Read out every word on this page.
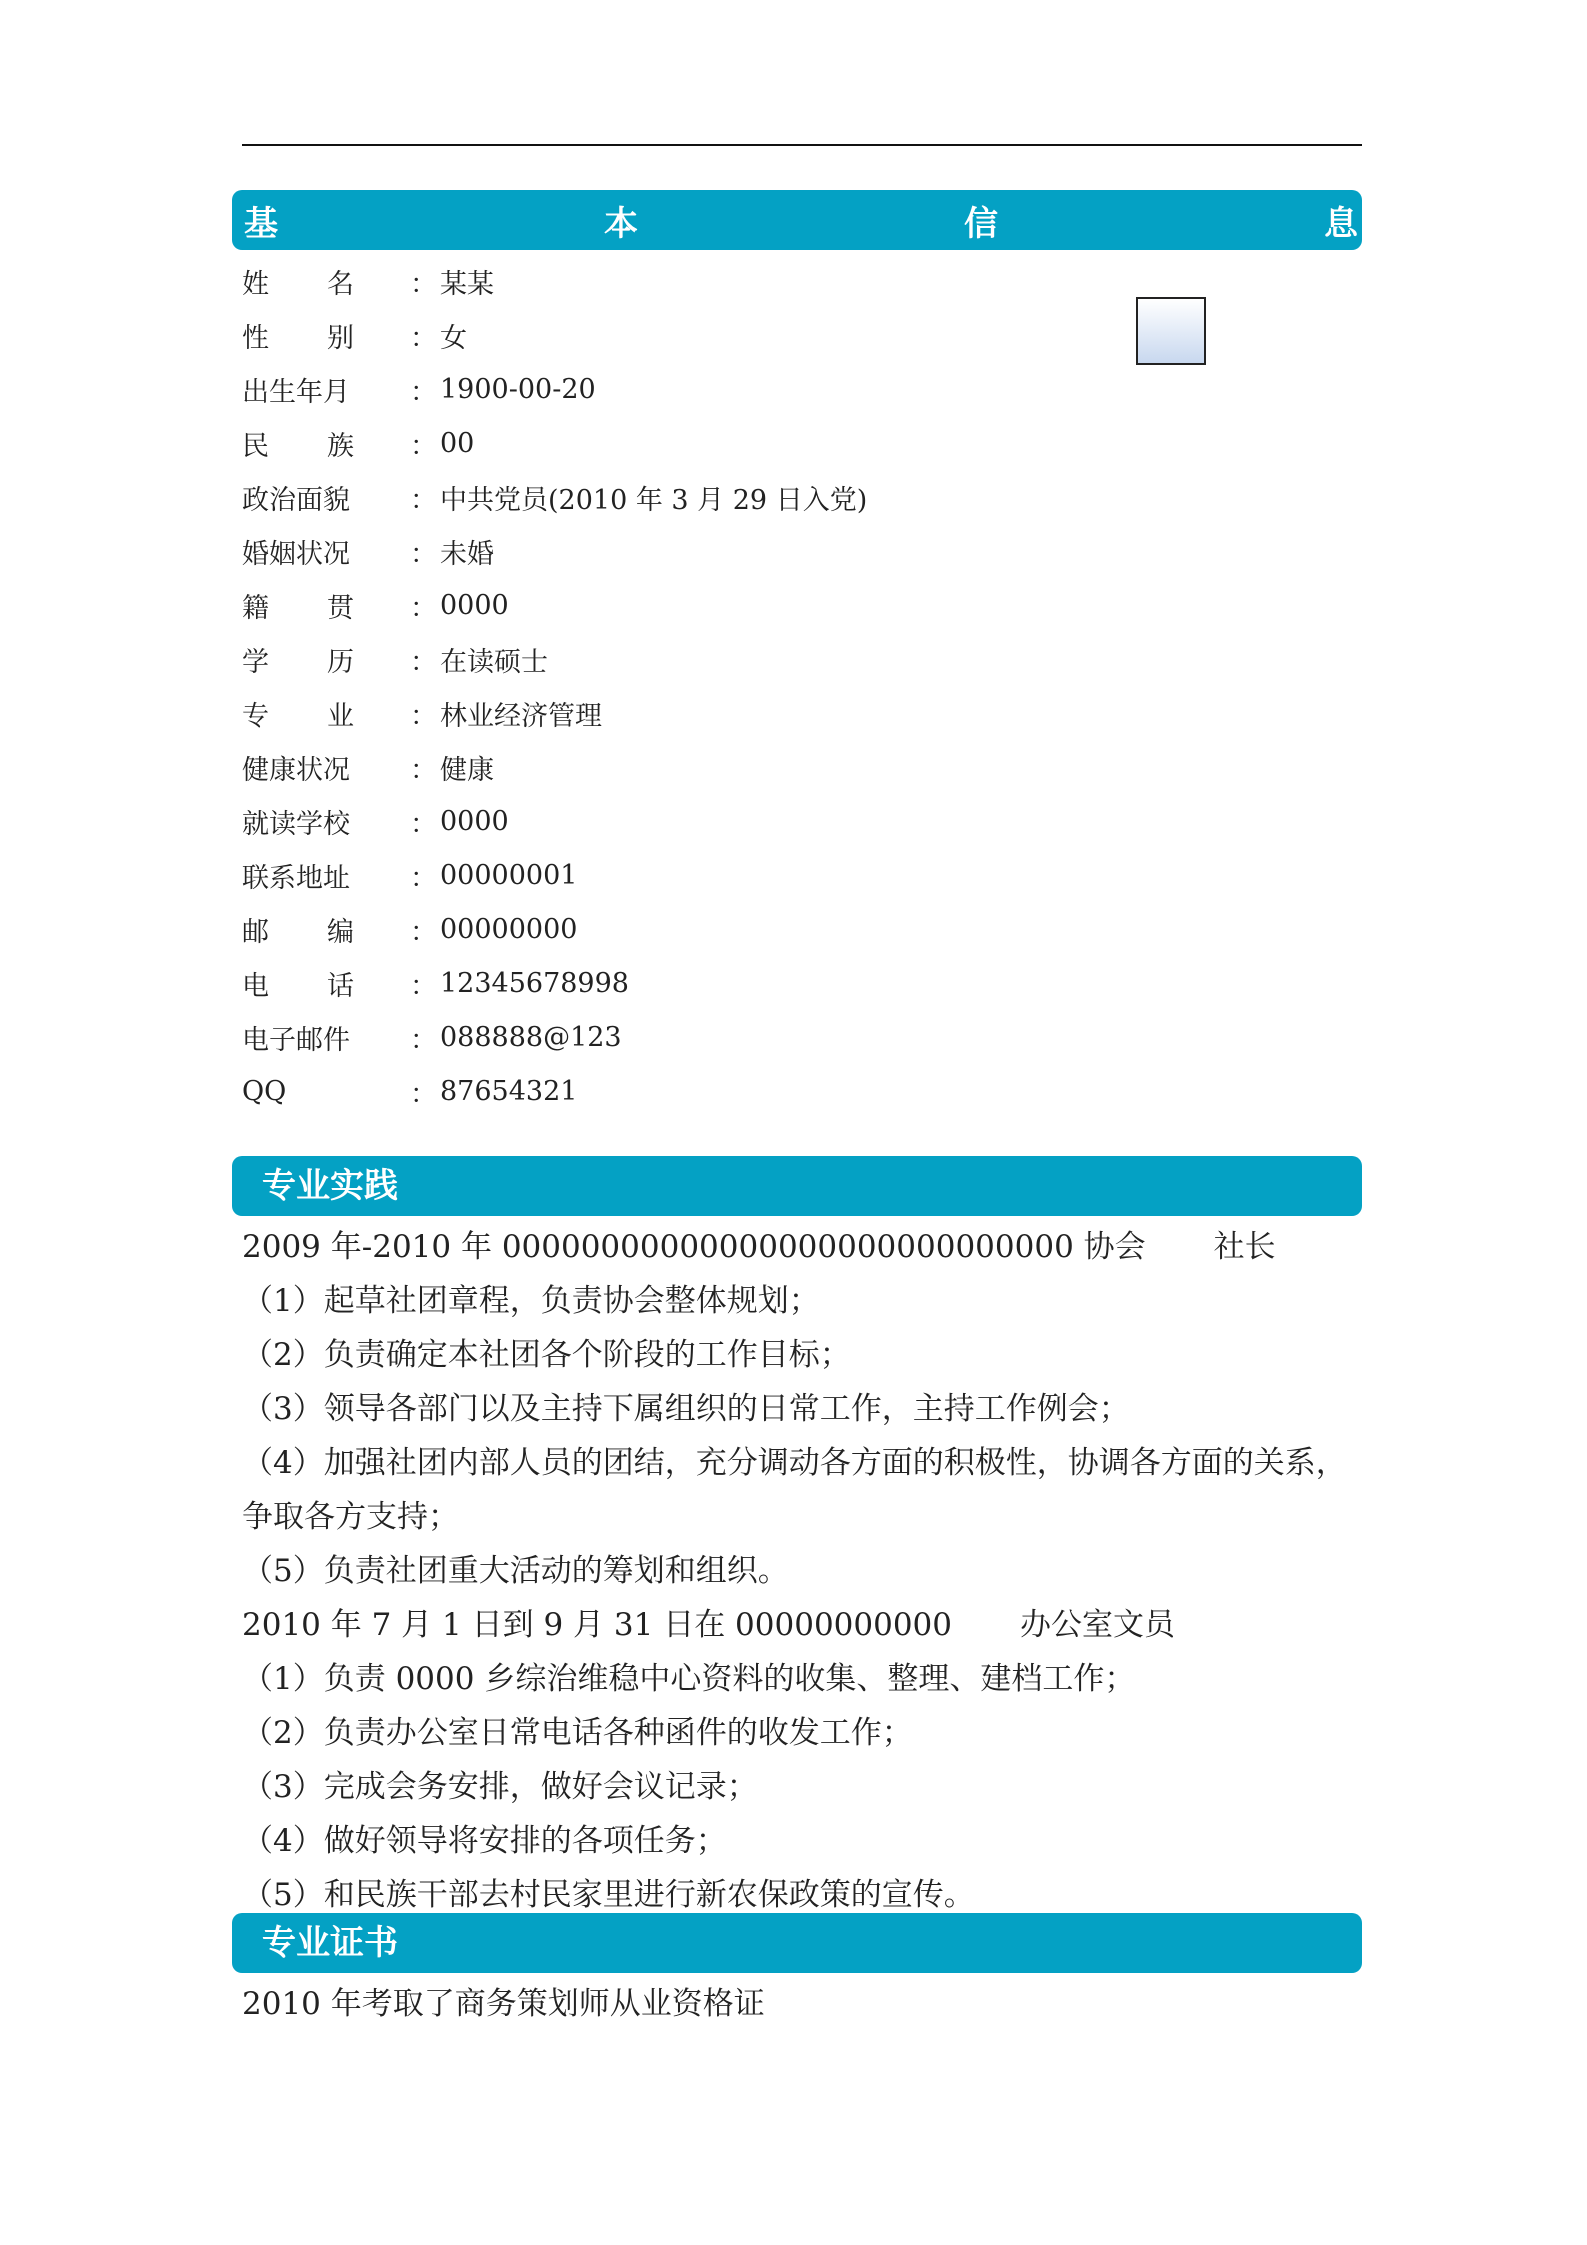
基	本	信	息
姓 名 ： 某某
性 别 ： 女
出生年月 ： 1900-00-20
民 族 ： 00
政治面貌 ： 中共党员(2010 年 3 月 29 日入党)
婚姻状况 ： 未婚
籍 贯 ： 0000
学 历 ： 在读硕士
专 业 ： 林业经济管理
健康状况 ： 健康
就读学校 ： 0000
联系地址 ： 00000001
邮 编 ： 00000000
电 话 ： 12345678998
电子邮件 ： 088888@123
QQ	： 87654321
专业实践
2009 年-2010 年 00000000000000000000000000000 协会 社长
（1）起草社团章程，负责协会整体规划；
（2）负责确定本社团各个阶段的工作目标；
（3）领导各部门以及主持下属组织的日常工作，主持工作例会；
（4）加强社团内部人员的团结，充分调动各方面的积极性，协调各方面的关系，
争取各方支持；
（5）负责社团重大活动的筹划和组织。
2010 年 7 月 1 日到 9 月 31 日在 00000000000 办公室文员
（1）负责 0000 乡综治维稳中心资料的收集、整理、建档工作；
（2）负责办公室日常电话各种函件的收发工作；
（3）完成会务安排，做好会议记录；
（4）做好领导将安排的各项任务；
（5）和民族干部去村民家里进行新农保政策的宣传。
专业证书
2010 年考取了商务策划师从业资格证
